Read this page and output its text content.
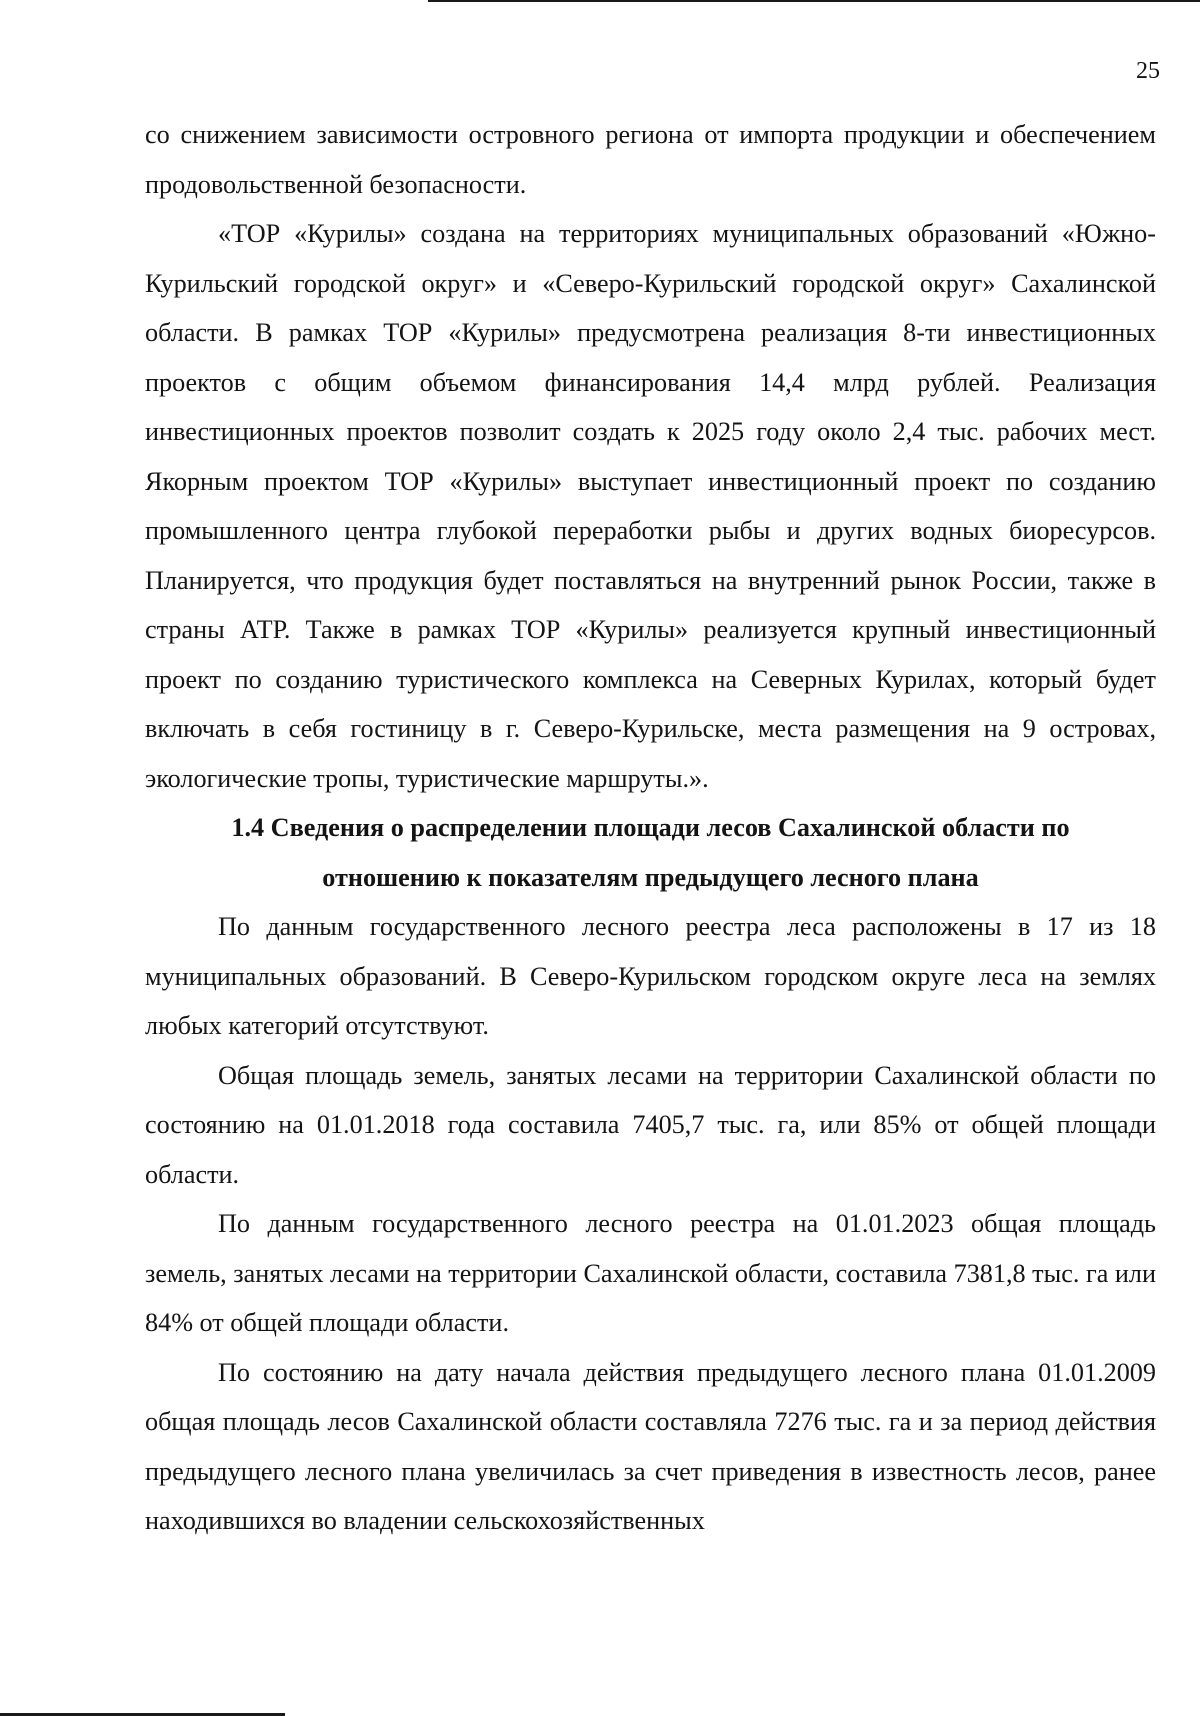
25

со снижением зависимости островного региона от импорта продукции и обеспечением продовольственной безопасности.

«ТОР «Курилы» создана на территориях муниципальных образований «Южно-Курильский городской округ» и «Северо-Курильский городской округ» Сахалинской области. В рамках ТОР «Курилы» предусмотрена реализация 8-ти инвестиционных проектов с общим объемом финансирования 14,4 млрд рублей. Реализация инвестиционных проектов позволит создать к 2025 году около 2,4 тыс. рабочих мест. Якорным проектом ТОР «Курилы» выступает инвестиционный проект по созданию промышленного центра глубокой переработки рыбы и других водных биоресурсов. Планируется, что продукция будет поставляться на внутренний рынок России, также в страны АТР. Также в рамках ТОР «Курилы» реализуется крупный инвестиционный проект по созданию туристического комплекса на Северных Курилах, который будет включать в себя гостиницу в г. Северо-Курильске, места размещения на 9 островах, экологические тропы, туристические маршруты.».

1.4 Сведения о распределении площади лесов Сахалинской области по

отношению к показателям предыдущего лесного плана

По данным государственного лесного реестра леса расположены в 17 из 18 муниципальных образований. В Северо-Курильском городском округе леса на землях любых категорий отсутствуют.

Общая площадь земель, занятых лесами на территории Сахалинской области по состоянию на 01.01.2018 года составила 7405,7 тыс. га, или 85% от общей площади области.

По данным государственного лесного реестра на 01.01.2023 общая площадь земель, занятых лесами на территории Сахалинской области, составила 7381,8 тыс. га или 84% от общей площади области.

По состоянию на дату начала действия предыдущего лесного плана 01.01.2009 общая площадь лесов Сахалинской области составляла 7276 тыс. га и за период действия предыдущего лесного плана увеличилась за счет приведения в известность лесов, ранее находившихся во владении сельскохозяйственных
